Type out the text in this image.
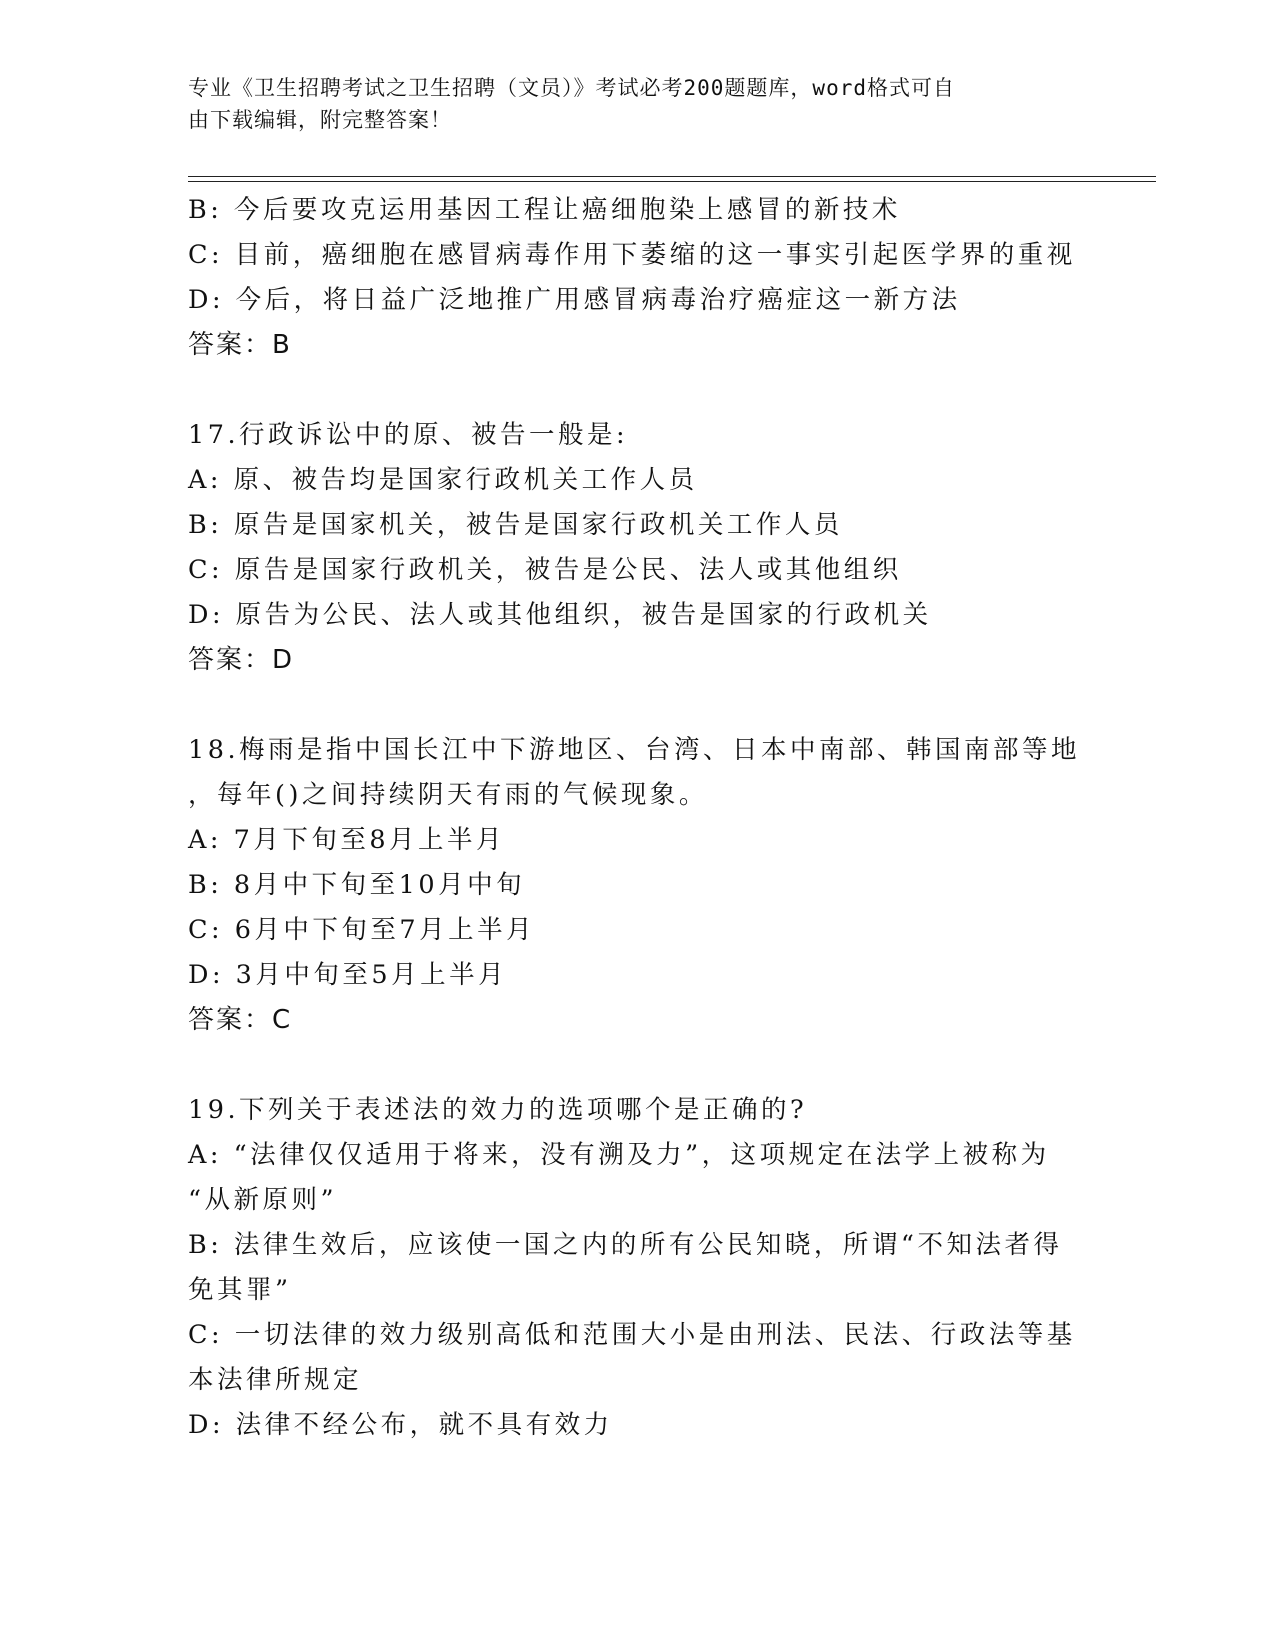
专业《卫生招聘考试之卫生招聘（文员）》考试必考200题题库，word格式可自
由下载编辑，附完整答案！
B: 今后要攻克运用基因工程让癌细胞染上感冒的新技术
C: 目前，癌细胞在感冒病毒作用下萎缩的这一事实引起医学界的重视
D: 今后，将日益广泛地推广用感冒病毒治疗癌症这一新方法
答案：B
17.行政诉讼中的原、被告一般是:
A: 原、被告均是国家行政机关工作人员
B: 原告是国家机关，被告是国家行政机关工作人员
C: 原告是国家行政机关，被告是公民、法人或其他组织
D: 原告为公民、法人或其他组织，被告是国家的行政机关
答案：D
18.梅雨是指中国长江中下游地区、台湾、日本中南部、韩国南部等地
，每年()之间持续阴天有雨的气候现象。
A: 7月下旬至8月上半月
B: 8月中下旬至10月中旬
C: 6月中下旬至7月上半月
D: 3月中旬至5月上半月
答案：C
19.下列关于表述法的效力的选项哪个是正确的?
A: “法律仅仅适用于将来，没有溯及力”，这项规定在法学上被称为
“从新原则”
B: 法律生效后，应该使一国之内的所有公民知晓，所谓“不知法者得
免其罪”
C: 一切法律的效力级别高低和范围大小是由刑法、民法、行政法等基
本法律所规定
D: 法律不经公布，就不具有效力
